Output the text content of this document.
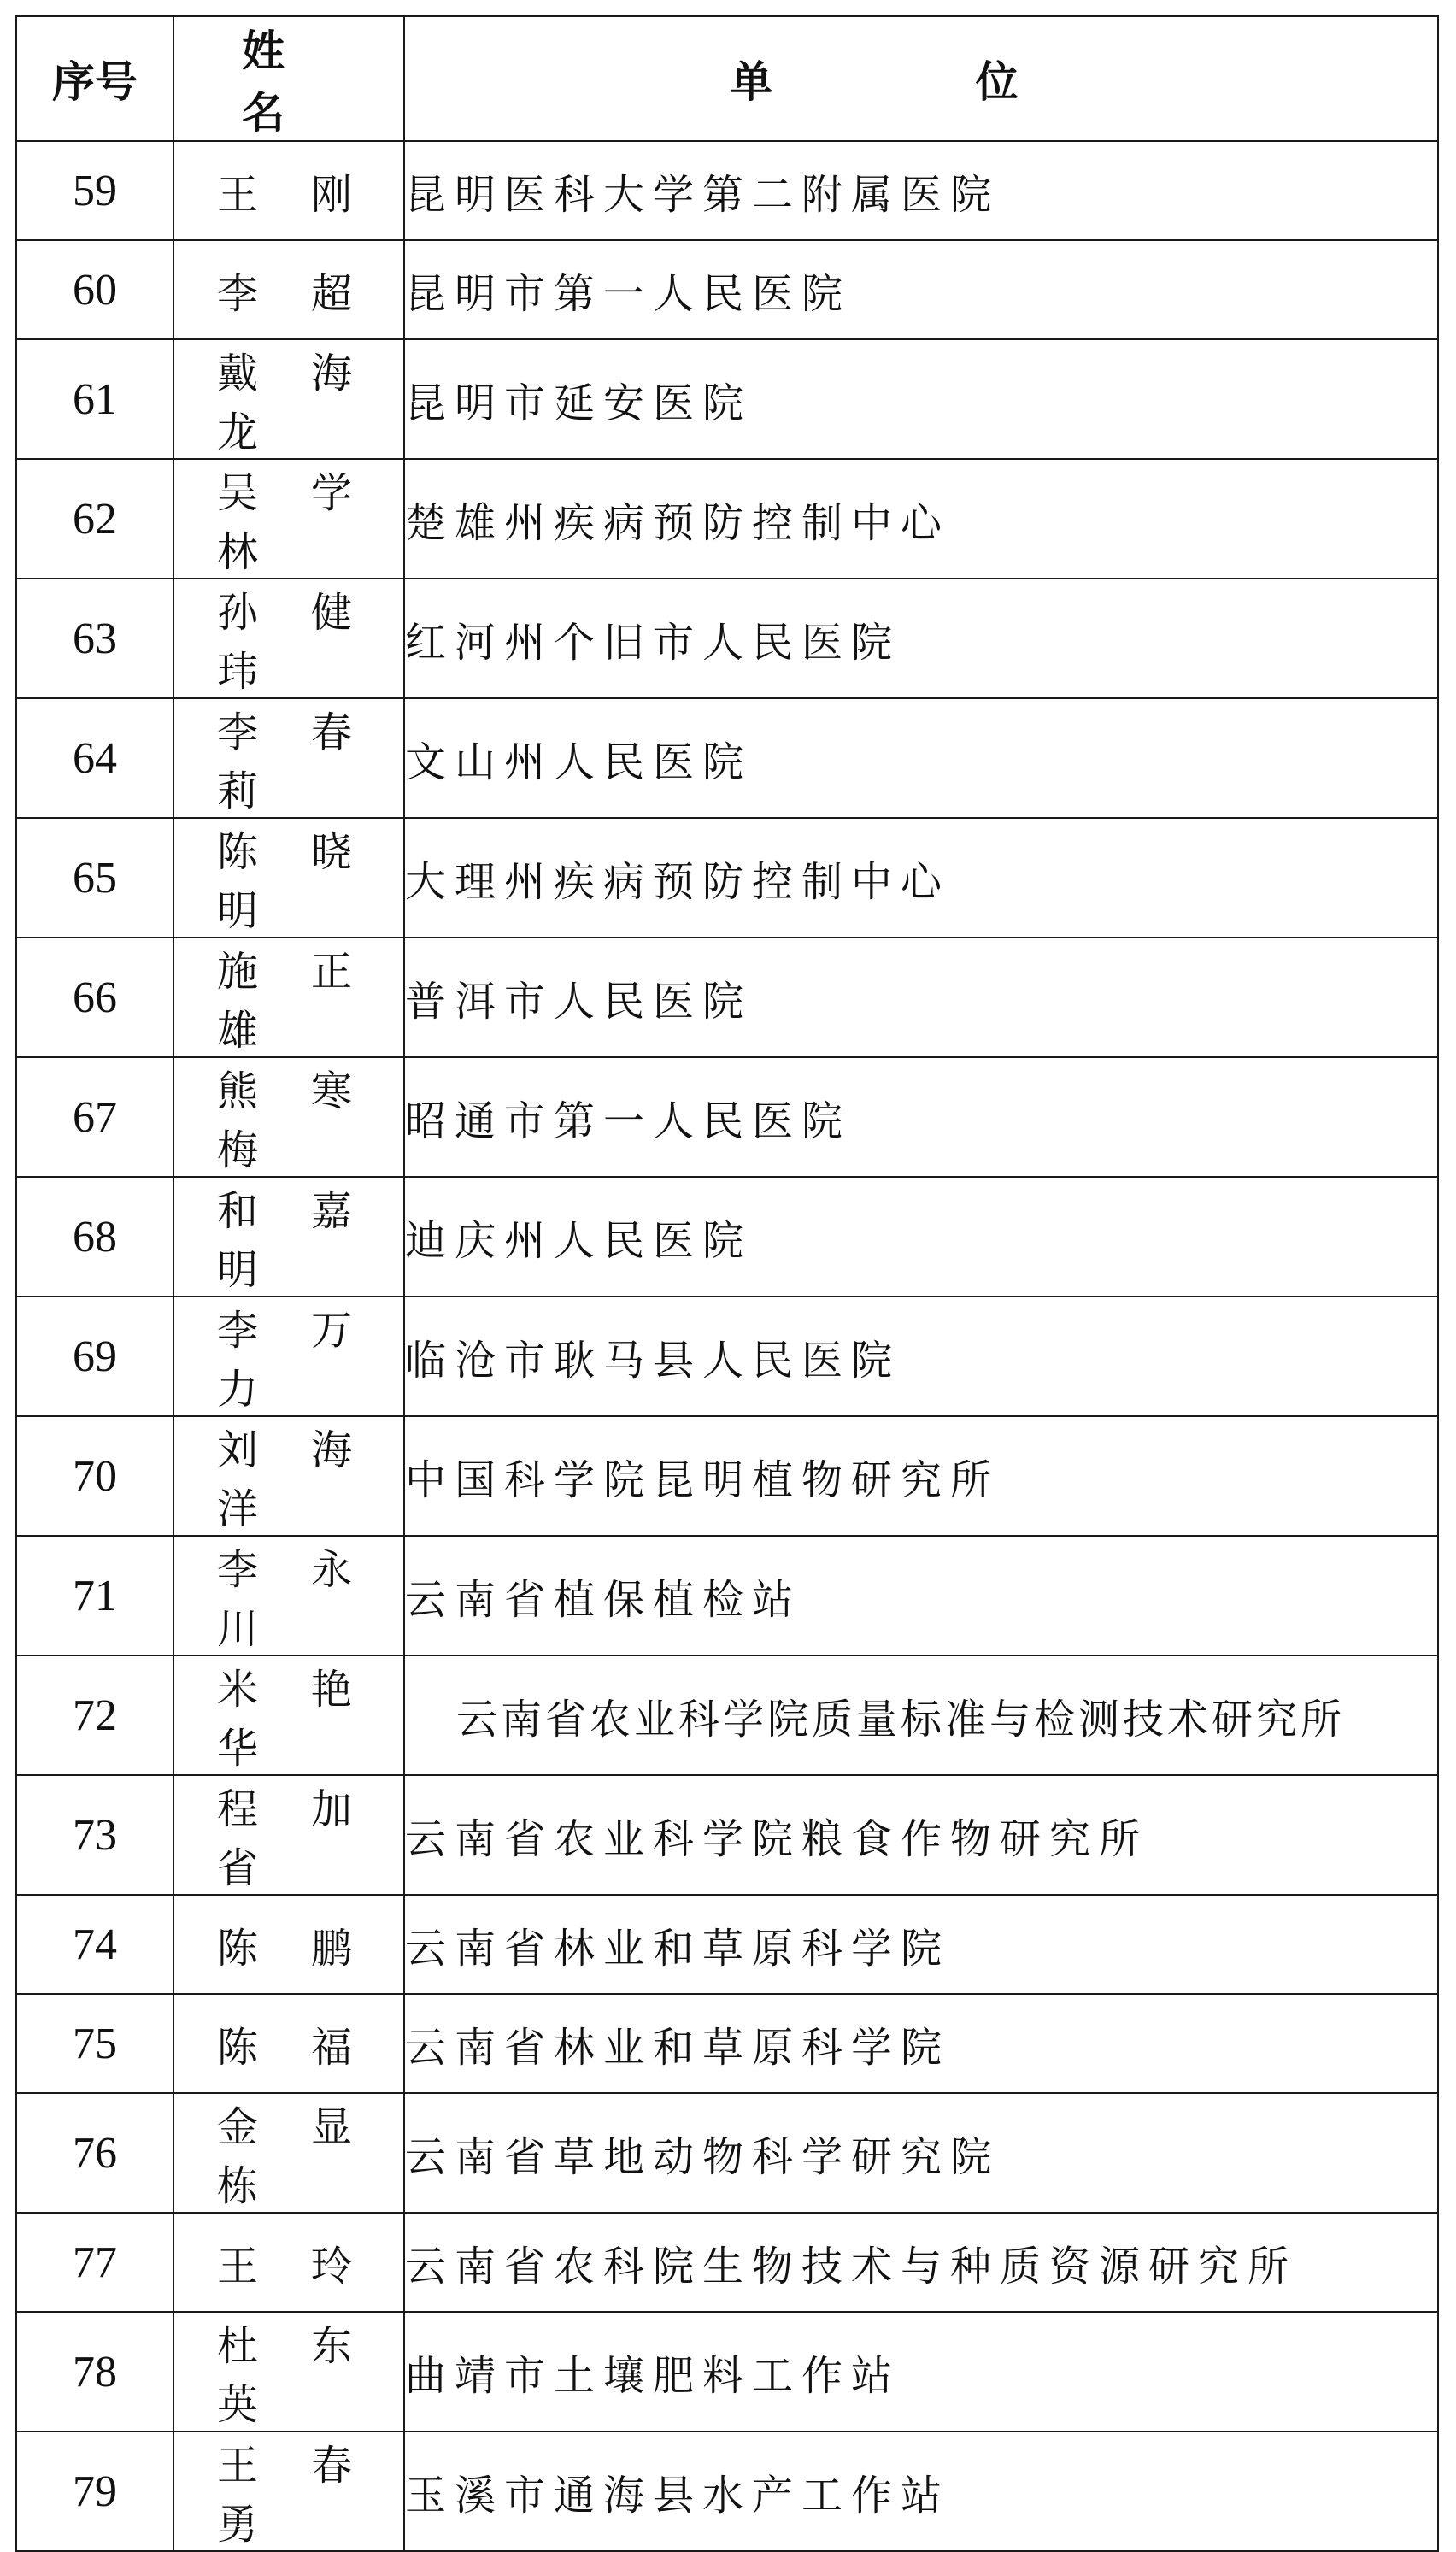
序号	姓 名	单 位
59	王 刚	昆明医科大学第二附属医院
60	李 超	昆明市第一人民医院
61	戴海龙	昆明市延安医院
62	吴学林	楚雄州疾病预防控制中心
63	孙健玮	红河州个旧市人民医院
64	李春莉	文山州人民医院
65	陈晓明	大理州疾病预防控制中心
66	施正雄	普洱市人民医院
67	熊寒梅	昭通市第一人民医院
68	和嘉明	迪庆州人民医院
69	李万力	临沧市耿马县人民医院
70	刘海洋	中国科学院昆明植物研究所
71	李永川	云南省植保植检站
72	米艳华	云南省农业科学院质量标准与检测技术研究所
73	程加省	云南省农业科学院粮食作物研究所
74	陈 鹏	云南省林业和草原科学院
75	陈 福	云南省林业和草原科学院
76	金显栋	云南省草地动物科学研究院
77	王 玲	云南省农科院生物技术与种质资源研究所
78	杜东英	曲靖市土壤肥料工作站
79	王春勇	玉溪市通海县水产工作站
